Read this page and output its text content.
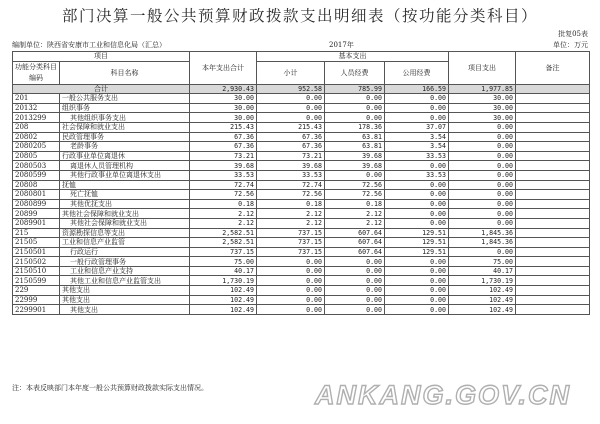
部门决算一般公共预算财政拨款支出明细表（按功能分类科目）
批复05表
编制单位：陕西省安康市工业和信息化局（汇总）	2017年	单位：万元
项目		本年支出合计	基本支出			项目支出	备注
功能分类科目编码	科目名称		小计	人员经费	公用经费		

合计		2,930.43	952.58	785.99	166.59	1,977.85	
201	一般公共服务支出	30.00	0.00	0.00	0.00	30.00	
20132	组织事务	30.00	0.00	0.00	0.00	30.00	
2013299	其他组织事务支出	30.00	0.00	0.00	0.00	30.00	
208	社会保障和就业支出	215.43	215.43	178.36	37.07	0.00	
20802	民政管理事务	67.36	67.36	63.81	3.54	0.00	
2080205	老龄事务	67.36	67.36	63.81	3.54	0.00	
20805	行政事业单位离退休	73.21	73.21	39.68	33.53	0.00	
2080503	离退休人员管理机构	39.68	39.68	39.68	0.00	0.00	
2080599	其他行政事业单位离退休支出	33.53	33.53	0.00	33.53	0.00	
20808	抚恤	72.74	72.74	72.56	0.00	0.00	
2080801	死亡抚恤	72.56	72.56	72.56	0.00	0.00	
2080899	其他优抚支出	0.18	0.18	0.18	0.00	0.00	
20899	其他社会保障和就业支出	2.12	2.12	2.12	0.00	0.00	
2089901	其他社会保障和就业支出	2.12	2.12	2.12	0.00	0.00	
215	资源勘探信息等支出	2,582.51	737.15	607.64	129.51	1,845.36	
21505	工业和信息产业监管	2,582.51	737.15	607.64	129.51	1,845.36	
2150501	行政运行	737.15	737.15	607.64	129.51	0.00	
2150502	一般行政管理事务	75.00	0.00	0.00	0.00	75.00	
2150510	工业和信息产业支持	40.17	0.00	0.00	0.00	40.17	
2150599	其他工业和信息产业监管支出	1,730.19	0.00	0.00	0.00	1,730.19	
229	其他支出	102.49	0.00	0.00	0.00	102.49	
22999	其他支出	102.49	0.00	0.00	0.00	102.49	
2299901	其他支出	102.49	0.00	0.00	0.00	102.49	
注：本表反映部门本年度一般公共预算财政拨款实际支出情况。	ANKANG.GOV.CN
